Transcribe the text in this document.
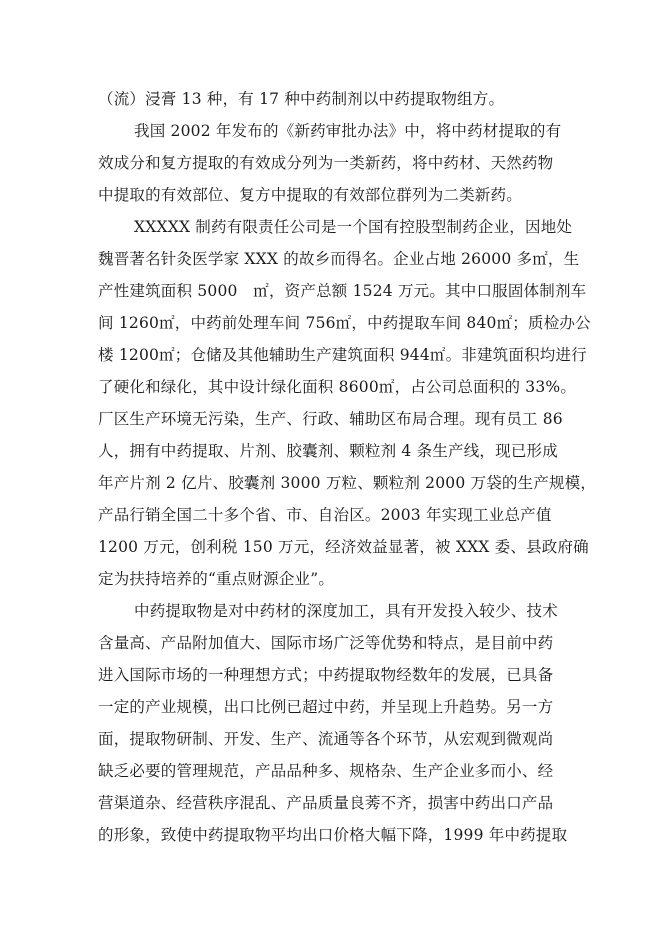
（流）浸膏 13 种，有 17 种中药制剂以中药提取物组方。
我国 2002 年发布的《新药审批办法》中，将中药材提取的有
效成分和复方提取的有效成分列为一类新药，将中药材、天然药物
中提取的有效部位、复方中提取的有效部位群列为二类新药。
XXXXX 制药有限责任公司是一个国有控股型制药企业，因地处
魏晋著名针灸医学家 XXX 的故乡而得名。企业占地 26000 多㎡，生
产性建筑面积 5000　㎡，资产总额 1524 万元。其中口服固体制剂车
间 1260㎡，中药前处理车间 756㎡，中药提取车间 840㎡；质检办公
楼 1200㎡；仓储及其他辅助生产建筑面积 944㎡。非建筑面积均进行
了硬化和绿化，其中设计绿化面积 8600㎡，占公司总面积的 33%。
厂区生产环境无污染，生产、行政、辅助区布局合理。现有员工 86
人，拥有中药提取、片剂、胶囊剂、颗粒剂 4 条生产线，现已形成
年产片剂 2 亿片、胶囊剂 3000 万粒、颗粒剂 2000 万袋的生产规模，
产品行销全国二十多个省、市、自治区。2003 年实现工业总产值
1200 万元，创利税 150 万元，经济效益显著，被 XXX 委、县政府确
定为扶持培养的“重点财源企业”。
中药提取物是对中药材的深度加工，具有开发投入较少、技术
含量高、产品附加值大、国际市场广泛等优势和特点，是目前中药
进入国际市场的一种理想方式；中药提取物经数年的发展，已具备
一定的产业规模，出口比例已超过中药，并呈现上升趋势。另一方
面，提取物研制、开发、生产、流通等各个环节，从宏观到微观尚
缺乏必要的管理规范，产品品种多、规格杂、生产企业多而小、经
营渠道杂、经营秩序混乱、产品质量良莠不齐，损害中药出口产品
的形象，致使中药提取物平均出口价格大幅下降，1999 年中药提取
